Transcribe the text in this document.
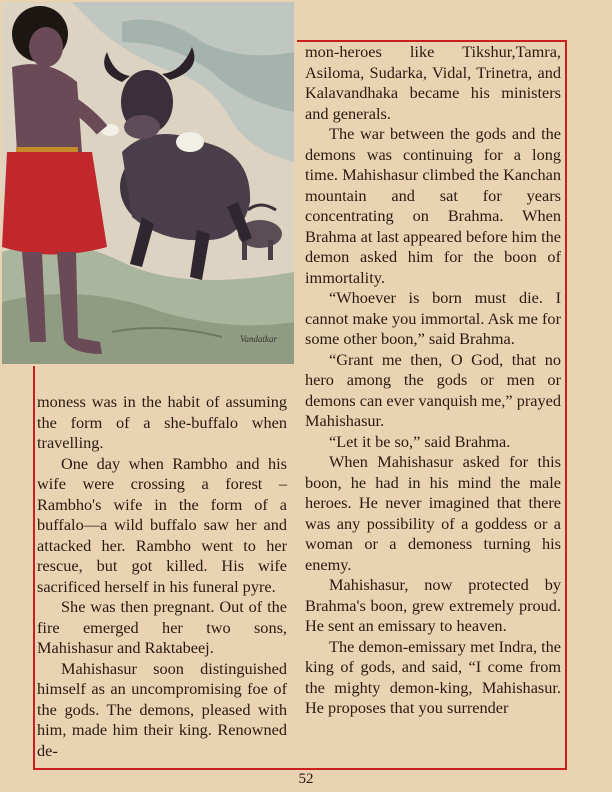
Vandatkar

moness was in the habit of assuming the form of a she-buffalo when travelling.

One day when Rambho and his wife were crossing a forest – Rambho's wife in the form of a buffalo—a wild buffalo saw her and attacked her. Rambho went to her rescue, but got killed. His wife sacrificed herself in his funeral pyre.

She was then pregnant. Out of the fire emerged her two sons, Mahishasur and Raktabeej.

Mahishasur soon distinguished himself as an uncompromising foe of the gods. The demons, pleased with him, made him their king. Renowned de-

mon-heroes like Tikshur,Tamra, Asiloma, Sudarka, Vidal, Trinetra, and Kalavandhaka became his ministers and generals.

The war between the gods and the demons was continuing for a long time. Mahishasur climbed the Kanchan mountain and sat for years concentrating on Brahma. When Brahma at last appeared before him the demon asked him for the boon of immortality.

“Whoever is born must die. I cannot make you immortal. Ask me for some other boon,” said Brahma.

“Grant me then, O God, that no hero among the gods or men or demons can ever vanquish me,” prayed Mahishasur.

“Let it be so,” said Brahma.

When Mahishasur asked for this boon, he had in his mind the male heroes. He never imagined that there was any possibility of a goddess or a woman or a demoness turning his enemy.

Mahishasur, now protected by Brahma's boon, grew extremely proud. He sent an emissary to heaven.

The demon-emissary met Indra, the king of gods, and said, “I come from the mighty demon-king, Mahishasur. He proposes that you surrender

52
